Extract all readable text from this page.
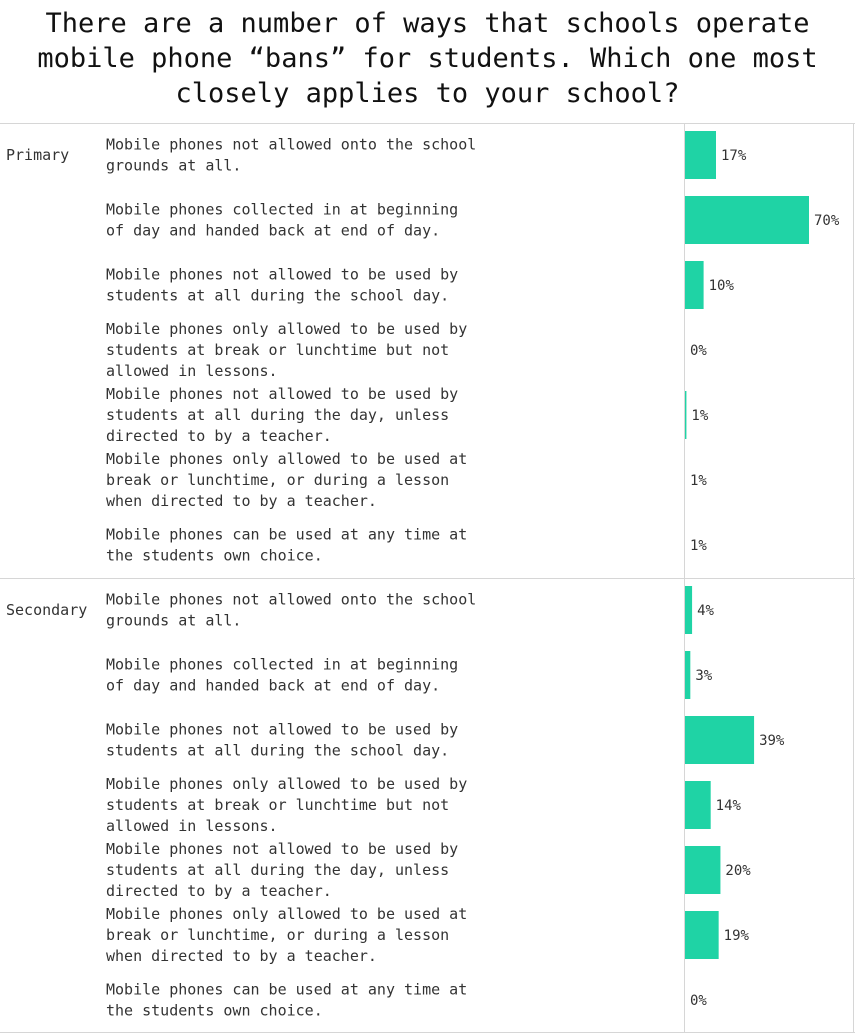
There are a number of ways that schools operate mobile phone “bans” for students. Which one most closely applies to your school?
Primary
Mobile phones not allowed onto the school grounds at all.
17%
Mobile phones collected in at beginning of day and handed back at end of day.
70%
Mobile phones not allowed to be used by students at all during the school day.
10%
Mobile phones only allowed to be used by students at break or lunchtime but not allowed in lessons.
0%
Mobile phones not allowed to be used by students at all during the day, unless directed to by a teacher.
1%
Mobile phones only allowed to be used at break or lunchtime, or during a lesson when directed to by a teacher.
1%
Mobile phones can be used at any time at the students own choice.
1%
Secondary
Mobile phones not allowed onto the school grounds at all.
4%
Mobile phones collected in at beginning of day and handed back at end of day.
3%
Mobile phones not allowed to be used by students at all during the school day.
39%
Mobile phones only allowed to be used by students at break or lunchtime but not allowed in lessons.
14%
Mobile phones not allowed to be used by students at all during the day, unless directed to by a teacher.
20%
Mobile phones only allowed to be used at break or lunchtime, or during a lesson when directed to by a teacher.
19%
Mobile phones can be used at any time at the students own choice.
0%
